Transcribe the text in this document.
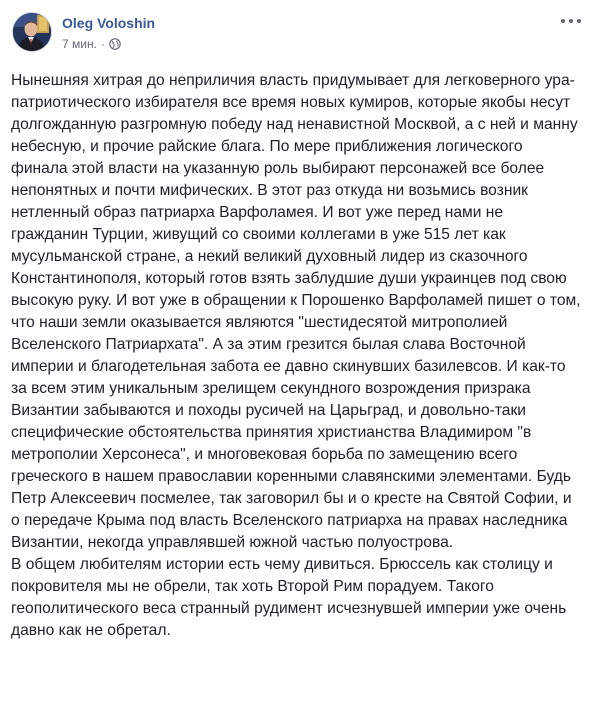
Oleg Voloshin
7 мин. ·

Нынешняя хитрая до неприличия власть придумывает для легковерного ура-патриотического избирателя все время новых кумиров, которые якобы несут долгожданную разгромную победу над ненавистной Москвой, а с ней и манну небесную, и прочие райские блага. По мере приближения логического финала этой власти на указанную роль выбирают персонажей все более непонятных и почти мифических. В этот раз откуда ни возьмись возник нетленный образ патриарха Варфоламея. И вот уже перед нами не гражданин Турции, живущий со своими коллегами в уже 515 лет как мусульманской стране, а некий великий духовный лидер из сказочного Константинополя, который готов взять заблудшие души украинцев под свою высокую руку. И вот уже в обращении к Порошенко Варфоламей пишет о том, что наши земли оказывается являются "шестидесятой митрополией Вселенского Патриархата". А за этим грезится былая слава Восточной империи и благодетельная забота ее давно скинувших базилевсов. И как-то за всем этим уникальным зрелищем секундного возрождения призрака Византии забываются и походы русичей на Царьград, и довольно-таки специфические обстоятельства принятия христианства Владимиром "в метрополии Херсонеса", и многовековая борьба по замещению всего греческого в нашем православии коренными славянскими элементами. Будь Петр Алексеевич посмелее, так заговорил бы и о кресте на Святой Софии, и о передаче Крыма под власть Вселенского патриарха на правах наследника Византии, некогда управлявшей южной частью полуострова.

В общем любителям истории есть чему дивиться. Брюссель как столицу и покровителя мы не обрели, так хоть Второй Рим порадуем. Такого геополитического веса странный рудимент исчезнувшей империи уже очень давно как не обретал.
